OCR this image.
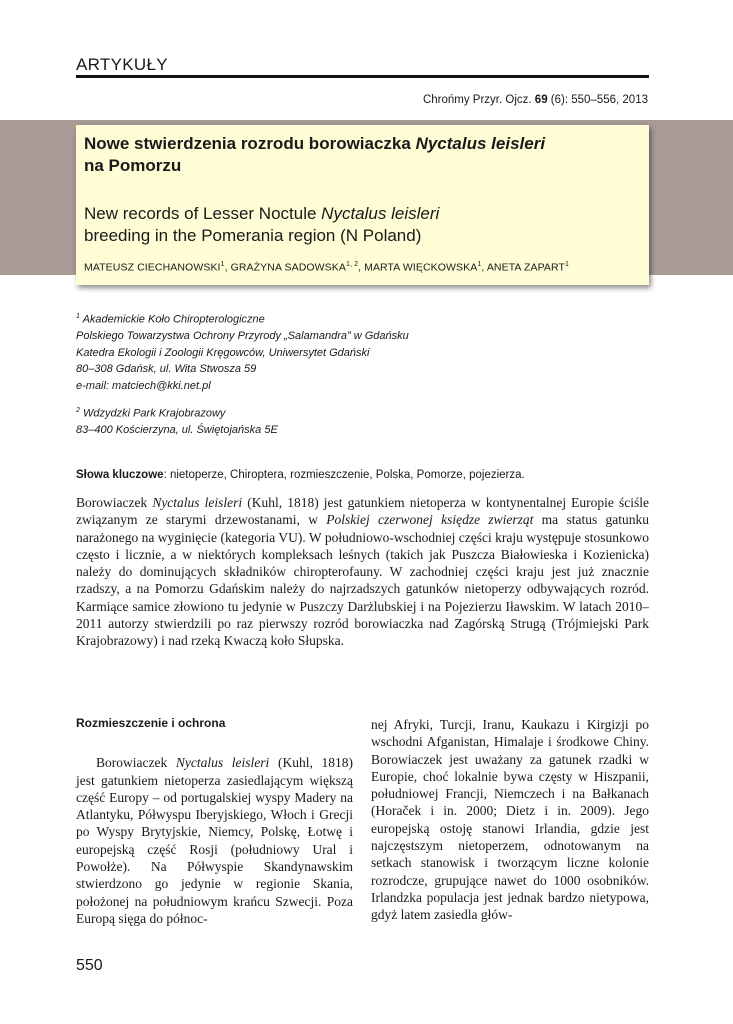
ARTYKUŁY
Chrońmy Przyr. Ojcz. 69 (6): 550–556, 2013
Nowe stwierdzenia rozrodu borowiaczka Nyctalus leisleri
na Pomorzu
New records of Lesser Noctule Nyctalus leisleri
breeding in the Pomerania region (N Poland)
MATEUSZ CIECHANOWSKI$^1$, GRAŻYNA SADOWSKA$^{1, 2}$, MARTA WIĘCKOWSKA$^1$, ANETA ZAPART$^1$
$^1$ Akademickie Koło Chiropterologiczne
Polskiego Towarzystwa Ochrony Przyrody „Salamandra” w Gdańsku
Katedra Ekologii i Zoologii Kręgowców, Uniwersytet Gdański
80–308 Gdańsk, ul. Wita Stwosza 59
e-mail: matciech@kki.net.pl
$^2$ Wdzydzki Park Krajobrazowy
83–400 Kościerzyna, ul. Świętojańska 5E
Słowa kluczowe: nietoperze, Chiroptera, rozmieszczenie, Polska, Pomorze, pojezierza.
Borowiaczek Nyctalus leisleri (Kuhl, 1818) jest gatunkiem nietoperza w kontynentalnej Europie ściśle związanym ze starymi drzewostanami, w Polskiej czerwonej księdze zwierząt ma status gatunku narażonego na wyginięcie (kategoria VU). W południowo-wschodniej części kraju występuje stosunkowo często i licznie, a w niektórych kompleksach leśnych (takich jak Puszcza Białowieska i Kozienicka) należy do dominujących składników chiropterofauny. W zachodniej części kraju jest już znacznie rzadszy, a na Pomorzu Gdańskim należy do najrzadszych gatunków nietoperzy odbywających rozród. Karmiące samice złowiono tu jedynie w Puszczy Darżlubskiej i na Pojezierzu Iławskim. W latach 2010–2011 autorzy stwierdzili po raz pierwszy rozród borowiaczka nad Zagórską Strugą (Trójmiejski Park Krajobrazowy) i nad rzeką Kwaczą koło Słupska.
Rozmieszczenie i ochrona

Borowiaczek Nyctalus leisleri (Kuhl, 1818) jest gatunkiem nietoperza zasiedlającym większą część Europy – od portugalskiej wyspy Madery na Atlantyku, Półwyspu Iberyjskiego, Włoch i Grecji po Wyspy Brytyjskie, Niemcy, Polskę, Łotwę i europejską część Rosji (południowy Ural i Powołże). Na Półwyspie Skandynawskim stwierdzono go jedynie w regionie Skania, położonej na południowym krańcu Szwecji. Poza Europą sięga do północ-

nej Afryki, Turcji, Iranu, Kaukazu i Kirgizji po wschodni Afganistan, Himalaje i środkowe Chiny. Borowiaczek jest uważany za gatunek rzadki w Europie, choć lokalnie bywa częsty w Hiszpanii, południowej Francji, Niemczech i na Bałkanach (Horaček i in. 2000; Dietz i in. 2009). Jego europejską ostoję stanowi Irlandia, gdzie jest najczęstszym nietoperzem, odnotowanym na setkach stanowisk i tworzącym liczne kolonie rozrodcze, grupujące nawet do 1000 osobników. Irlandzka populacja jest jednak bardzo nietypowa, gdyż latem zasiedla głów-

550
